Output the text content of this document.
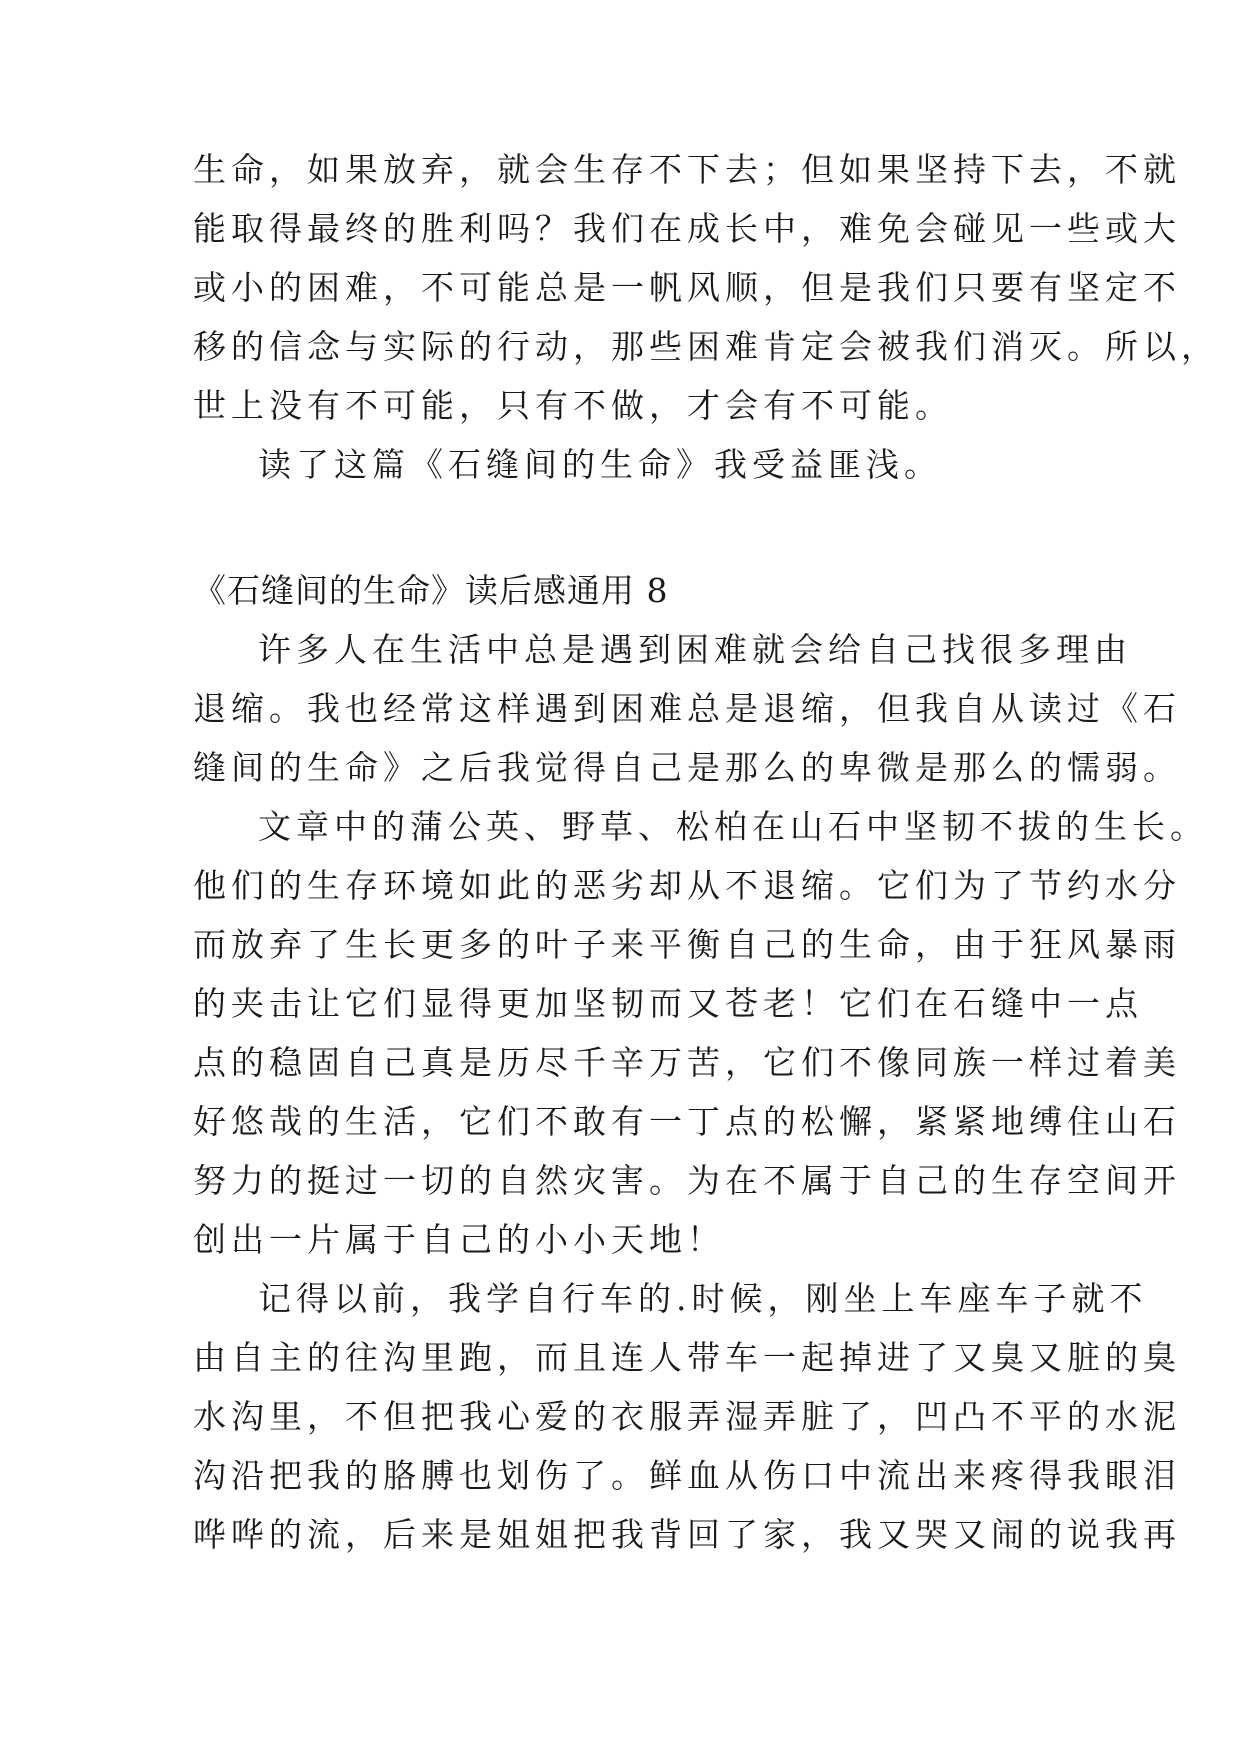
生命，如果放弃，就会生存不下去；但如果坚持下去，不就

能取得最终的胜利吗？我们在成长中，难免会碰见一些或大

或小的困难，不可能总是一帆风顺，但是我们只要有坚定不

移的信念与实际的行动，那些困难肯定会被我们消灭。所以，

世上没有不可能，只有不做，才会有不可能。

读了这篇《石缝间的生命》我受益匪浅。

《石缝间的生命》读后感通用 8

许多人在生活中总是遇到困难就会给自己找很多理由

退缩。我也经常这样遇到困难总是退缩，但我自从读过《石

缝间的生命》之后我觉得自己是那么的卑微是那么的懦弱。

文章中的蒲公英、野草、松柏在山石中坚韧不拔的生长。

他们的生存环境如此的恶劣却从不退缩。它们为了节约水分

而放弃了生长更多的叶子来平衡自己的生命，由于狂风暴雨

的夹击让它们显得更加坚韧而又苍老！它们在石缝中一点

点的稳固自己真是历尽千辛万苦，它们不像同族一样过着美

好悠哉的生活，它们不敢有一丁点的松懈，紧紧地缚住山石

努力的挺过一切的自然灾害。为在不属于自己的生存空间开

创出一片属于自己的小小天地！

记得以前，我学自行车的.时候，刚坐上车座车子就不

由自主的往沟里跑，而且连人带车一起掉进了又臭又脏的臭

水沟里，不但把我心爱的衣服弄湿弄脏了，凹凸不平的水泥

沟沿把我的胳膊也划伤了。鲜血从伤口中流出来疼得我眼泪

哗哗的流，后来是姐姐把我背回了家，我又哭又闹的说我再
